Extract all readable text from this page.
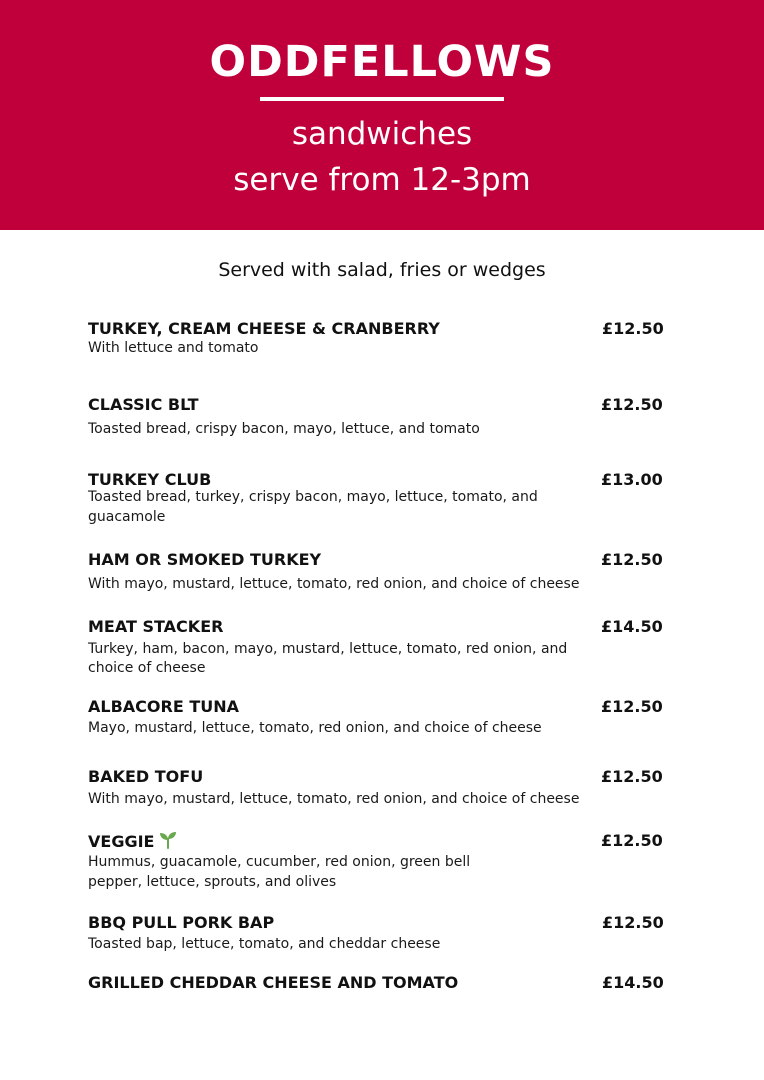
ODDFELLOWS
sandwiches
serve from 12-3pm
Served with salad, fries or wedges
TURKEY, CREAM CHEESE & CRANBERRY	£12.50
With lettuce and tomato
CLASSIC BLT	£12.50
Toasted bread, crispy bacon, mayo, lettuce, and tomato
TURKEY CLUB	£13.00
Toasted bread, turkey, crispy bacon, mayo, lettuce, tomato, and
guacamole
HAM OR SMOKED TURKEY	£12.50
With mayo, mustard, lettuce, tomato, red onion, and choice of cheese
MEAT STACKER	£14.50
Turkey, ham, bacon, mayo, mustard, lettuce, tomato, red onion, and
choice of cheese
ALBACORE TUNA	£12.50
Mayo, mustard, lettuce, tomato, red onion, and choice of cheese
BAKED TOFU	£12.50
With mayo, mustard, lettuce, tomato, red onion, and choice of cheese
VEGGIE	£12.50
Hummus, guacamole, cucumber, red onion, green bell
pepper, lettuce, sprouts, and olives
BBQ PULL PORK BAP	£12.50
Toasted bap, lettuce, tomato, and cheddar cheese
GRILLED CHEDDAR CHEESE AND TOMATO	£14.50
